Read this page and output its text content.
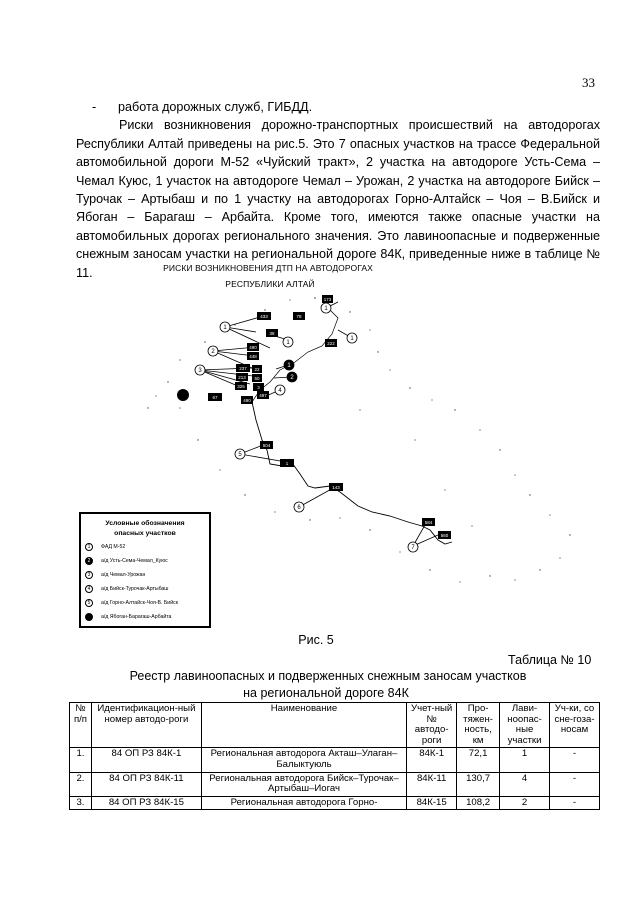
33

- работа дорожных служб, ГИБДД.

Риски возникновения дорожно-транспортных происшествий на автодорогах Республики Алтай приведены на рис.5. Это 7 опасных участков на трассе Федеральной автомобильной дороги М-52 «Чуйский тракт», 2 участка на автодороге Усть-Сема – Чемал Куюс, 1 участок на автодороге Чемал – Урожан, 2 участка на автодороге Бийск – Турочак – Артыбаш и по 1 участку на автодорогах Горно-Алтайск – Чоя – В.Бийск и Ябоган – Барагаш – Арбайта. Кроме того, имеются также опасные участки на автомобильных дорогах регионального значения. Это лавиноопасные и подверженные снежным заносам участки на региональной дороге 84К, приведенные ниже в таблице № 11.	РИСКИ ВОЗНИКНОВЕНИЯ ДТП НА АВТОДОРОГАХ
РЕСПУБЛИКИ АЛТАЙ
173
433	78
38
222
490
448
237 22
213 50
325	3
497
67
490
504
143
1
584
560
1
1
1
1
2
3
1
2
4
5
6
7
Условные обозначения
опасных участков
1	ФАД М-52
2	а/д Усть-Сема-Чемал_Куюс
3	а/д Чемал-Урожан
4	а/д Бийск-Турочак-Артыбаш
5	а/д Горно-Алтайск-Чоя-В. Бийск
а/д Ябоган-Барагаш-Арбайта
Рис. 5
Таблица № 10
Реестр лавиноопасных и подверженных снежным заносам участков
на региональной дороге 84К
№ п/п	Идентификацион-ный номер автодо-роги	Наименование	Учет-ный № автодо-роги	Про-тяжен-ность, км	Лави-ноопас-ные участки	Уч-ки, со сне-гоза-носам
1.	84 ОП РЗ 84К-1	Региональная автодорога Акташ–Улаган–Балыктуюль	84К-1	72,1	1	-
2.	84 ОП РЗ 84К-11	Региональная автодорога Бийск–Турочак–Артыбаш–Иогач	84К-11	130,7	4	-
3.	84 ОП РЗ 84К-15	Региональная автодорога Горно-	84К-15	108,2	2	-
